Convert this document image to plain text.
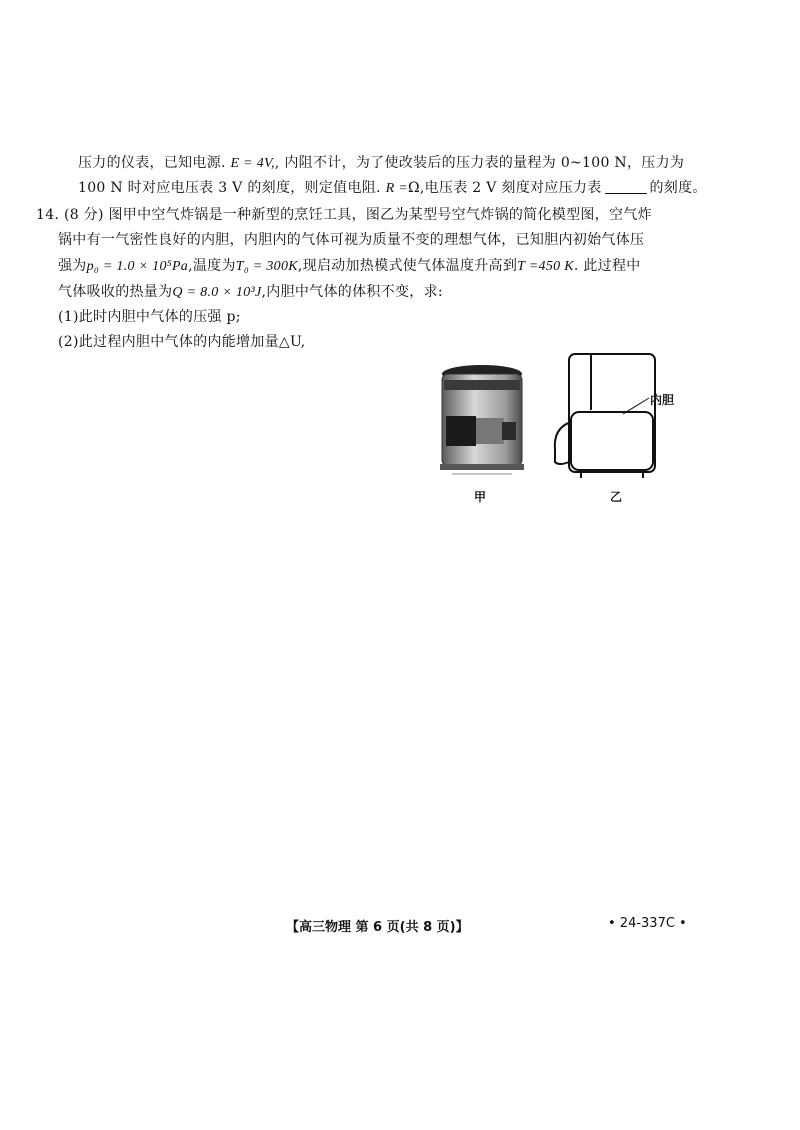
压力的仪表，已知电源. E = 4V,, 内阻不计，为了使改装后的压力表的量程为 0~100 N，压力为
100 N 时对应电压表 3 V 的刻度，则定值电阻. R =Ω,电压表 2 V 刻度对应压力表	的刻度。
14. (8 分) 图甲中空气炸锅是一种新型的烹饪工具，图乙为某型号空气炸锅的简化模型图，空气炸
锅中有一气密性良好的内胆，内胆内的气体可视为质量不变的理想气体，已知胆内初始气体压
强为p₀ = 1.0 × 10⁵Pa,温度为T₀ = 300K,现启动加热模式使气体温度升高到T =450 K. 此过程中
气体吸收的热量为Q = 8.0 × 10³J,内胆中气体的体积不变，求:
(1)此时内胆中气体的压强 p;
(2)此过程内胆中气体的内能增加量△U,
内胆
甲	乙
【高三物理 第 6 页(共 8 页)】	• 24-337C •
